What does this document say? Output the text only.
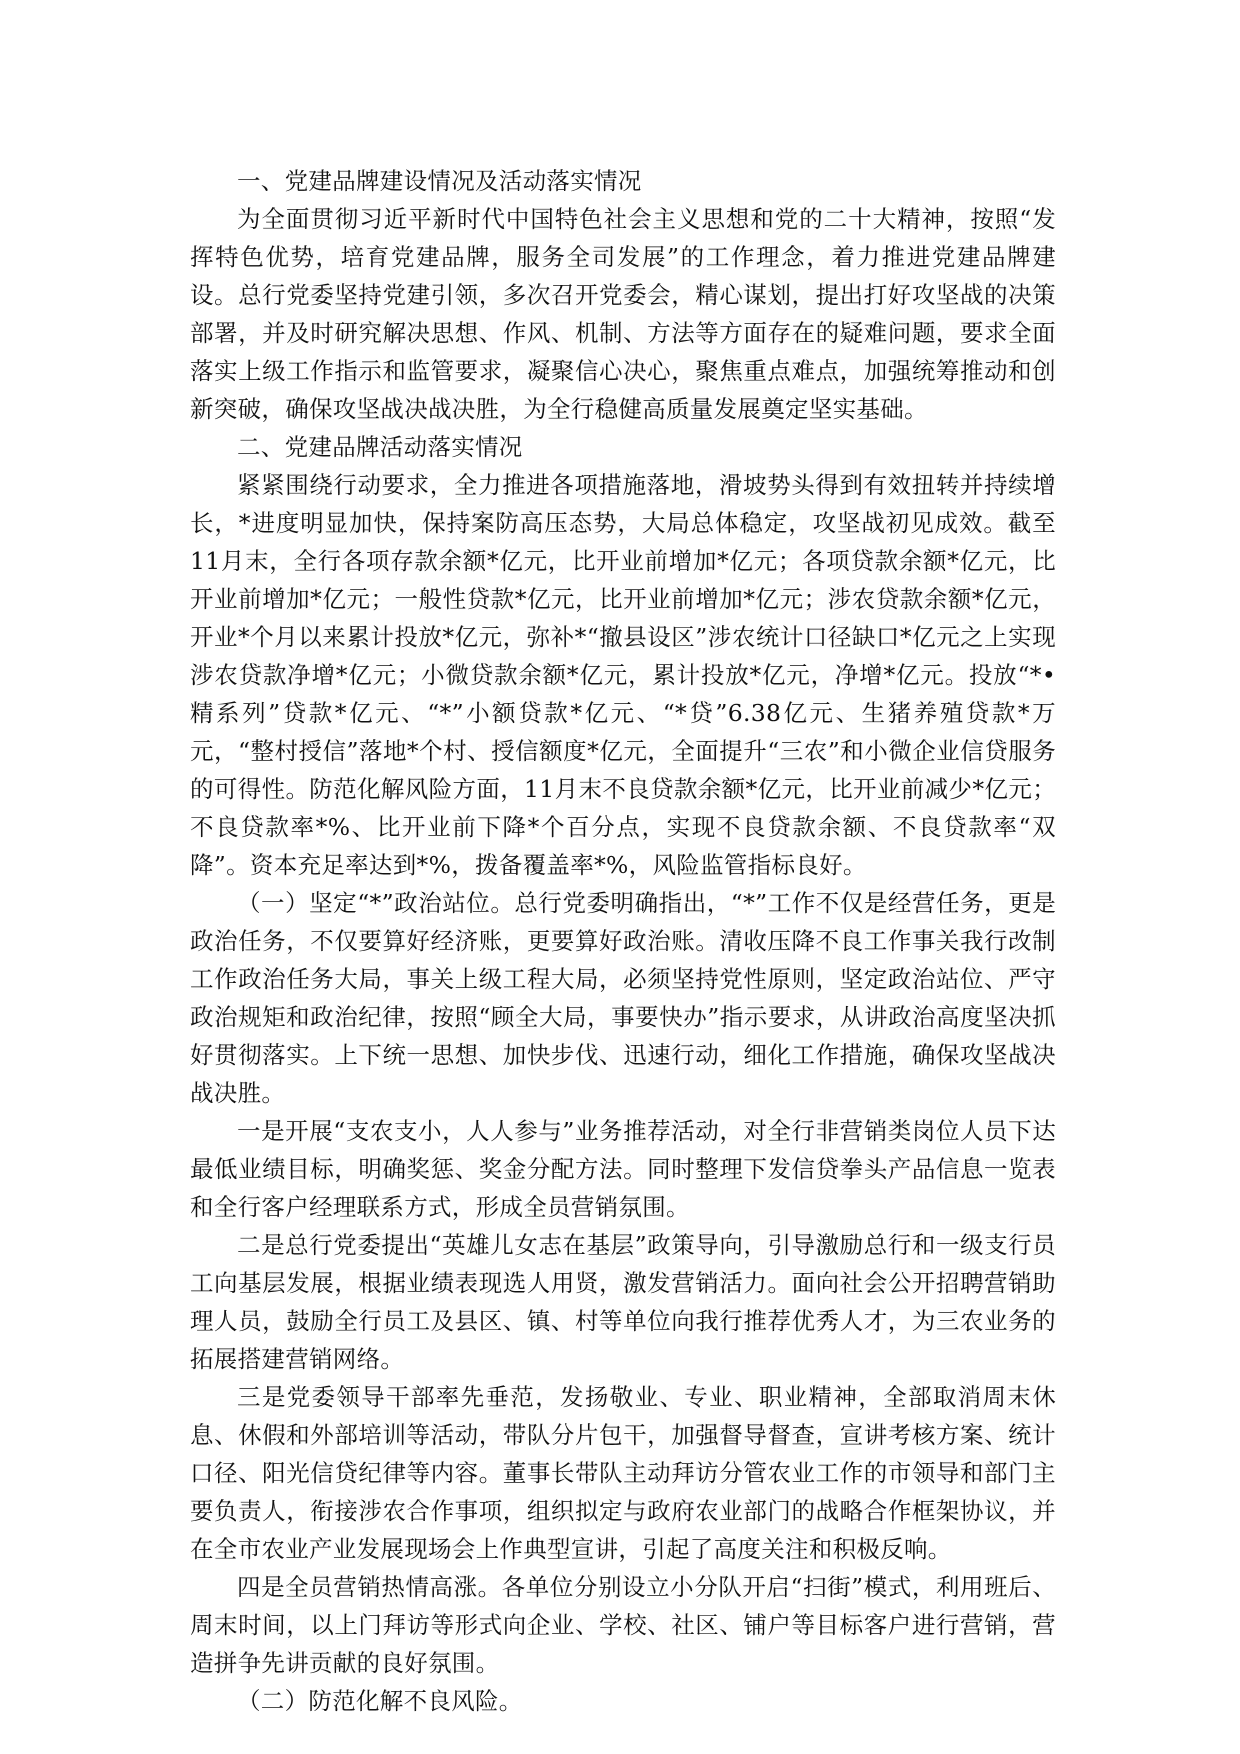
一、党建品牌建设情况及活动落实情况

为全面贯彻习近平新时代中国特色社会主义思想和党的二十大精神，按照“发挥特色优势，培育党建品牌，服务全司发展”的工作理念，着力推进党建品牌建设。总行党委坚持党建引领，多次召开党委会，精心谋划，提出打好攻坚战的决策部署，并及时研究解决思想、作风、机制、方法等方面存在的疑难问题，要求全面落实上级工作指示和监管要求，凝聚信心决心，聚焦重点难点，加强统筹推动和创新突破，确保攻坚战决战决胜，为全行稳健高质量发展奠定坚实基础。

二、党建品牌活动落实情况

紧紧围绕行动要求，全力推进各项措施落地，滑坡势头得到有效扭转并持续增长，*进度明显加快，保持案防高压态势，大局总体稳定，攻坚战初见成效。截至11月末，全行各项存款余额*亿元，比开业前增加*亿元；各项贷款余额*亿元，比开业前增加*亿元；一般性贷款*亿元，比开业前增加*亿元；涉农贷款余额*亿元，开业*个月以来累计投放*亿元，弥补*“撤县设区”涉农统计口径缺口*亿元之上实现涉农贷款净增*亿元；小微贷款余额*亿元，累计投放*亿元，净增*亿元。投放“*•精系列”贷款*亿元、“*”小额贷款*亿元、“*贷”6.38亿元、生猪养殖贷款*万元，“整村授信”落地*个村、授信额度*亿元，全面提升“三农”和小微企业信贷服务的可得性。防范化解风险方面，11月末不良贷款余额*亿元，比开业前减少*亿元；不良贷款率*%、比开业前下降*个百分点，实现不良贷款余额、不良贷款率“双降”。资本充足率达到*%，拨备覆盖率*%，风险监管指标良好。

（一）坚定“*”政治站位。总行党委明确指出，“*”工作不仅是经营任务，更是政治任务，不仅要算好经济账，更要算好政治账。清收压降不良工作事关我行改制工作政治任务大局，事关上级工程大局，必须坚持党性原则，坚定政治站位、严守政治规矩和政治纪律，按照“顾全大局，事要快办”指示要求，从讲政治高度坚决抓好贯彻落实。上下统一思想、加快步伐、迅速行动，细化工作措施，确保攻坚战决战决胜。

一是开展“支农支小，人人参与”业务推荐活动，对全行非营销类岗位人员下达最低业绩目标，明确奖惩、奖金分配方法。同时整理下发信贷拳头产品信息一览表和全行客户经理联系方式，形成全员营销氛围。

二是总行党委提出“英雄儿女志在基层”政策导向，引导激励总行和一级支行员工向基层发展，根据业绩表现选人用贤，激发营销活力。面向社会公开招聘营销助理人员，鼓励全行员工及县区、镇、村等单位向我行推荐优秀人才，为三农业务的拓展搭建营销网络。

三是党委领导干部率先垂范，发扬敬业、专业、职业精神，全部取消周末休息、休假和外部培训等活动，带队分片包干，加强督导督查，宣讲考核方案、统计口径、阳光信贷纪律等内容。董事长带队主动拜访分管农业工作的市领导和部门主要负责人，衔接涉农合作事项，组织拟定与政府农业部门的战略合作框架协议，并在全市农业产业发展现场会上作典型宣讲，引起了高度关注和积极反响。

四是全员营销热情高涨。各单位分别设立小分队开启“扫街”模式，利用班后、周末时间，以上门拜访等形式向企业、学校、社区、铺户等目标客户进行营销，营造拼争先讲贡献的良好氛围。

（二）防范化解不良风险。
